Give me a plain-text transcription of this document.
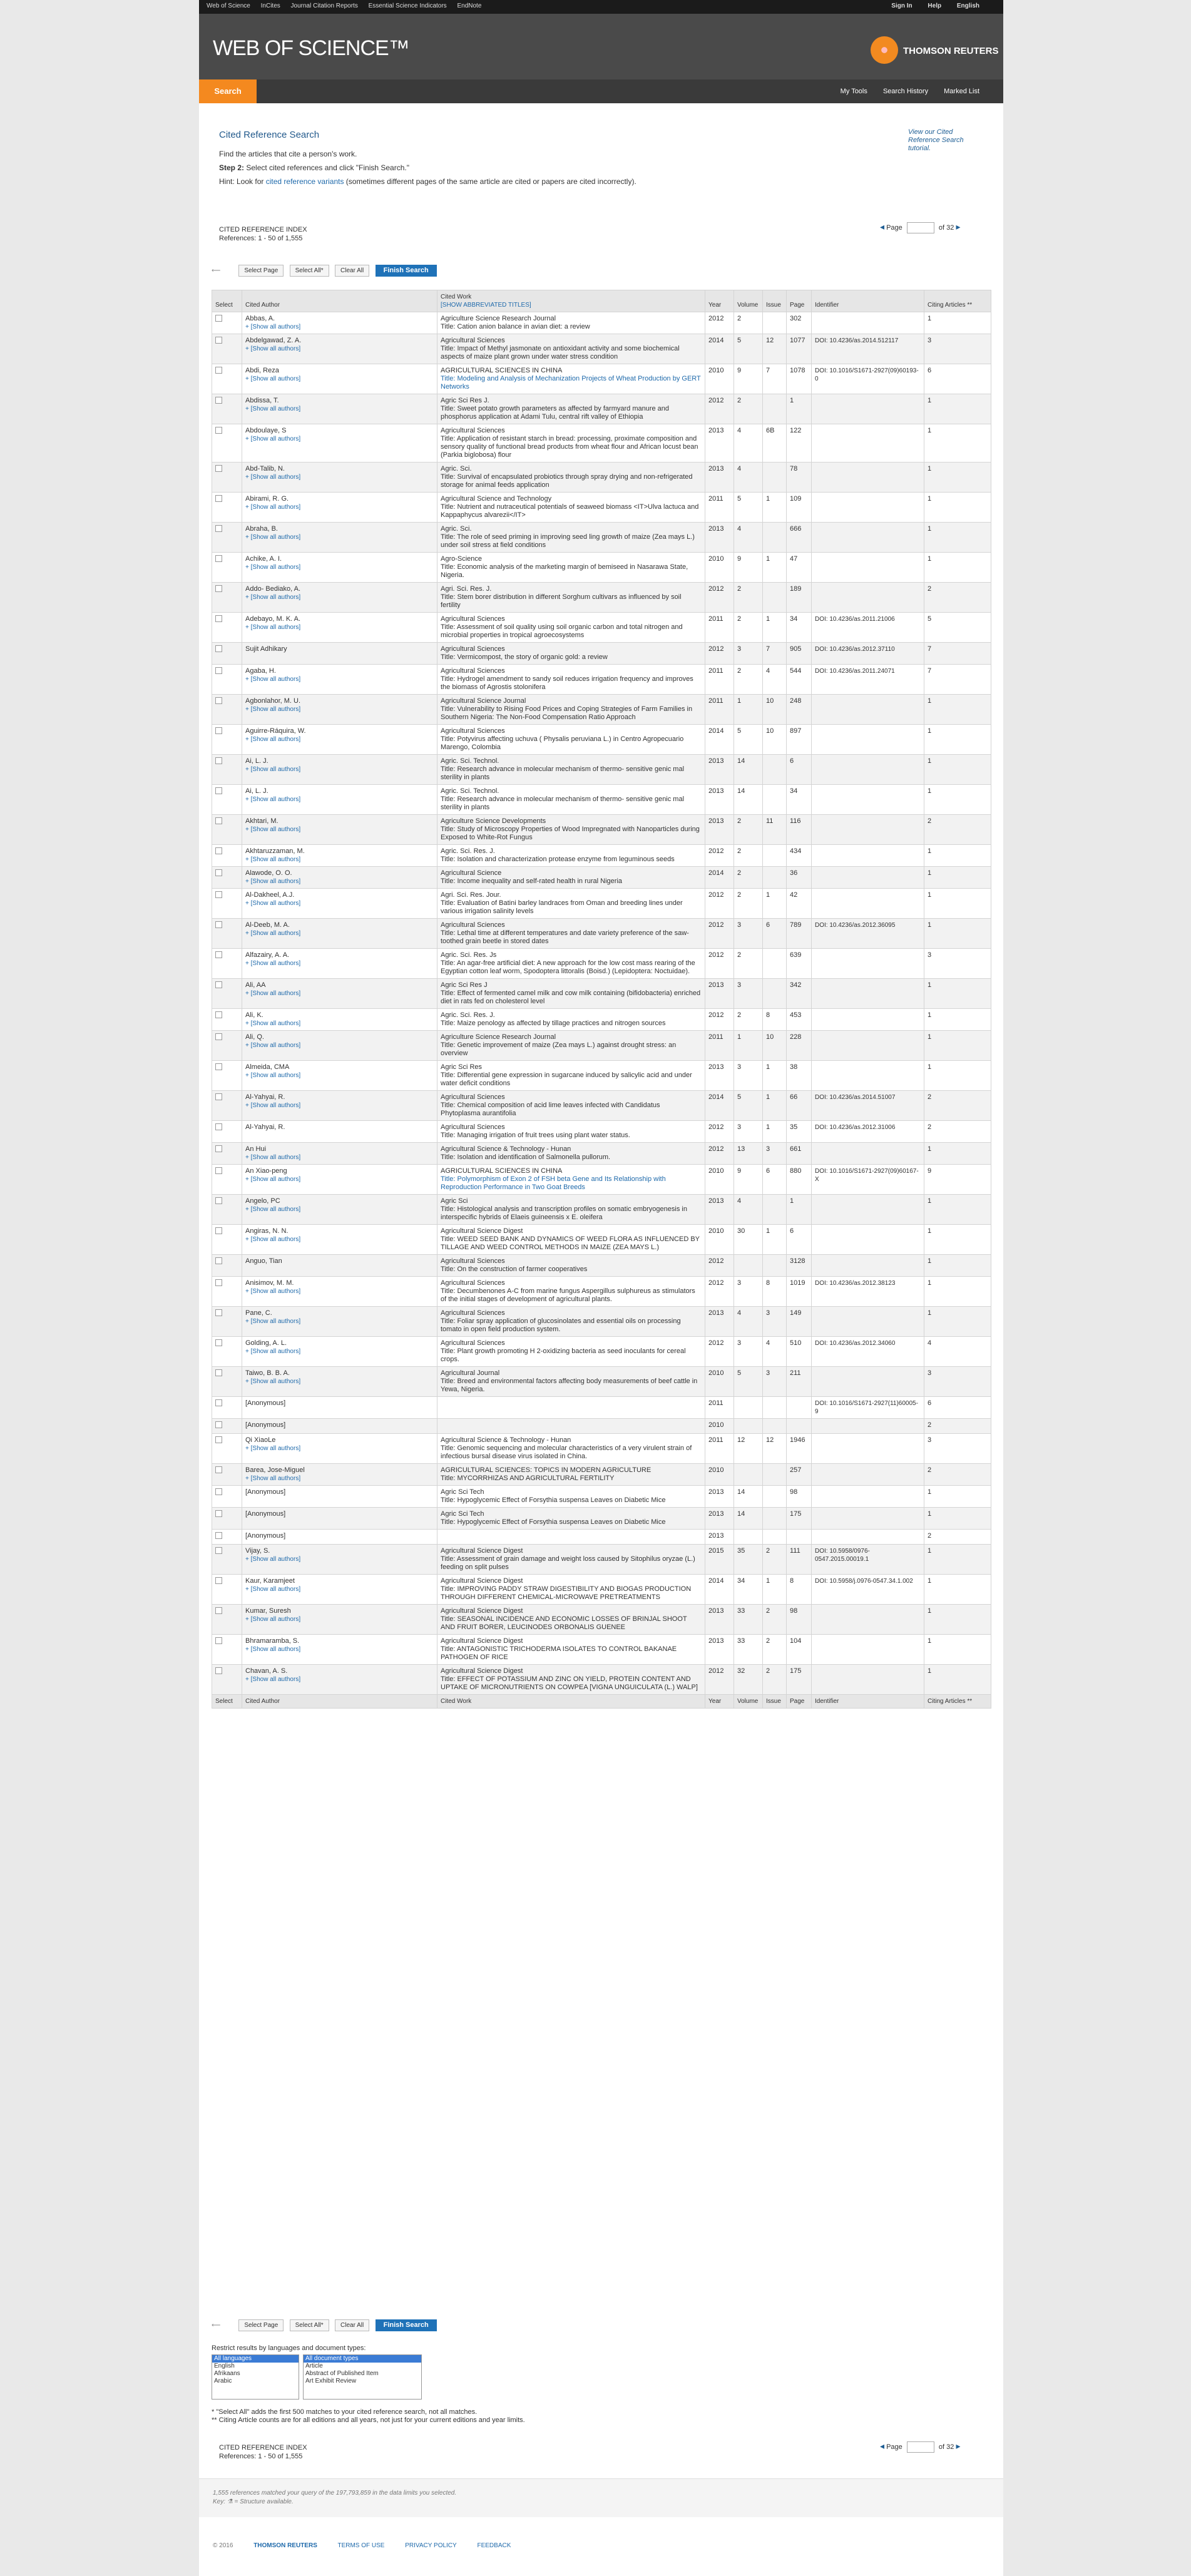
Web of Science InCites Journal Citation Reports Essential Science Indicators EndNote	Sign In Help English
WEB OF SCIENCE™	THOMSON REUTERS
Search	My Tools Search History Marked List
Cited Reference Search
Find the articles that cite a person's work.
Step 2: Select cited references and click "Finish Search."
Hint: Look for cited reference variants (sometimes different pages of the same article are cited or papers are cited incorrectly).
View our Cited Reference Search tutorial.
CITED REFERENCE INDEX
References: 1 - 50 of 1,555
◂ Page	of 32 ▸
⟵	Select Page	Select All*	Clear All	Finish Search
Select	Cited Author	Cited Work
[SHOW ABBREVIATED TITLES]	Year	Volume	Issue	Page	Identifier	Citing Articles **
	Abbas, A.
+ [Show all authors]	Agriculture Science Research Journal
Title: Cation anion balance in avian diet: a review	2012	2		302		1
	Abdelgawad, Z. A.
+ [Show all authors]	Agricultural Sciences
Title: Impact of Methyl jasmonate on antioxidant activity and some biochemical aspects of maize plant grown under water stress condition	2014	5	12	1077	DOI: 10.4236/as.2014.512117	3
	Abdi, Reza
+ [Show all authors]	AGRICULTURAL SCIENCES IN CHINA
Title: Modeling and Analysis of Mechanization Projects of Wheat Production by GERT Networks	2010	9	7	1078	DOI: 10.1016/S1671-2927(09)60193-0	6
	Abdissa, T.
+ [Show all authors]	Agric Sci Res J.
Title: Sweet potato growth parameters as affected by farmyard manure and phosphorus application at Adami Tulu, central rift valley of Ethiopia	2012	2		1		1
	Abdoulaye, S
+ [Show all authors]	Agricultural Sciences
Title: Application of resistant starch in bread: processing, proximate composition and sensory quality of functional bread products from wheat flour and African locust bean (Parkia biglobosa) flour	2013	4	6B	122		1
	Abd-Talib, N.
+ [Show all authors]	Agric. Sci.
Title: Survival of encapsulated probiotics through spray drying and non-refrigerated storage for animal feeds application	2013	4		78		1
	Abirami, R. G.
+ [Show all authors]	Agricultural Science and Technology
Title: Nutrient and nutraceutical potentials of seaweed biomass <IT>Ulva lactuca and Kappaphycus alvarezii</IT>	2011	5	1	109		1
	Abraha, B.
+ [Show all authors]	Agric. Sci.
Title: The role of seed priming in improving seed ling growth of maize (Zea mays L.) under soil stress at field conditions	2013	4		666		1
	Achike, A. I.
+ [Show all authors]	Agro-Science
Title: Economic analysis of the marketing margin of bemiseed in Nasarawa State, Nigeria.	2010	9	1	47		1
	Addo- Bediako, A.
+ [Show all authors]	Agri. Sci. Res. J.
Title: Stem borer distribution in different Sorghum cultivars as influenced by soil fertility	2012	2		189		2
	Adebayo, M. K. A.
+ [Show all authors]	Agricultural Sciences
Title: Assessment of soil quality using soil organic carbon and total nitrogen and microbial properties in tropical agroecosystems	2011	2	1	34	DOI: 10.4236/as.2011.21006	5
	Sujit Adhikary	Agricultural Sciences
Title: Vermicompost, the story of organic gold: a review	2012	3	7	905	DOI: 10.4236/as.2012.37110	7
	Agaba, H.
+ [Show all authors]	Agricultural Sciences
Title: Hydrogel amendment to sandy soil reduces irrigation frequency and improves the biomass of Agrostis stolonifera	2011	2	4	544	DOI: 10.4236/as.2011.24071	7
	Agbonlahor, M. U.
+ [Show all authors]	Agricultural Science Journal
Title: Vulnerability to Rising Food Prices and Coping Strategies of Farm Families in Southern Nigeria: The Non-Food Compensation Ratio Approach	2011	1	10	248		1
	Aguirre-Ráquira, W.
+ [Show all authors]	Agricultural Sciences
Title: Potyvirus affecting uchuva ( Physalis peruviana L.) in Centro Agropecuario Marengo, Colombia	2014	5	10	897		1
	Ai, L. J.
+ [Show all authors]	Agric. Sci. Technol.
Title: Research advance in molecular mechanism of thermo- sensitive genic mal sterility in plants	2013	14		6		1
	Ai, L. J.
+ [Show all authors]	Agric. Sci. Technol.
Title: Research advance in molecular mechanism of thermo- sensitive genic mal sterility in plants	2013	14		34		1
	Akhtari, M.
+ [Show all authors]	Agriculture Science Developments
Title: Study of Microscopy Properties of Wood Impregnated with Nanoparticles during Exposed to White-Rot Fungus	2013	2	11	116		2
	Akhtaruzzaman, M.
+ [Show all authors]	Agric. Sci. Res. J.
Title: Isolation and characterization protease enzyme from leguminous seeds	2012	2		434		1
	Alawode, O. O.
+ [Show all authors]	Agricultural Science
Title: Income inequality and self-rated health in rural Nigeria	2014	2		36		1
	Al-Dakheel, A.J.
+ [Show all authors]	Agri. Sci. Res. Jour.
Title: Evaluation of Batini barley landraces from Oman and breeding lines under various irrigation salinity levels	2012	2	1	42		1
	Al-Deeb, M. A.
+ [Show all authors]	Agricultural Sciences
Title: Lethal time at different temperatures and date variety preference of the saw-toothed grain beetle in stored dates	2012	3	6	789	DOI: 10.4236/as.2012.36095	1
	Alfazairy, A. A.
+ [Show all authors]	Agric. Sci. Res. Js
Title: An agar-free artificial diet: A new approach for the low cost mass rearing of the Egyptian cotton leaf worm, Spodoptera littoralis (Boisd.) (Lepidoptera: Noctuidae).	2012	2		639		3
	Ali, AA
+ [Show all authors]	Agric Sci Res J
Title: Effect of fermented camel milk and cow milk containing (bifidobacteria) enriched diet in rats fed on cholesterol level	2013	3		342		1
	Ali, K.
+ [Show all authors]	Agric. Sci. Res. J.
Title: Maize penology as affected by tillage practices and nitrogen sources	2012	2	8	453		1
	Ali, Q.
+ [Show all authors]	Agriculture Science Research Journal
Title: Genetic improvement of maize (Zea mays L.) against drought stress: an overview	2011	1	10	228		1
	Almeida, CMA
+ [Show all authors]	Agric Sci Res
Title: Differential gene expression in sugarcane induced by salicylic acid and under water deficit conditions	2013	3	1	38		1
	Al-Yahyai, R.
+ [Show all authors]	Agricultural Sciences
Title: Chemical composition of acid lime leaves infected with Candidatus Phytoplasma aurantifolia	2014	5	1	66	DOI: 10.4236/as.2014.51007	2
	Al-Yahyai, R.	Agricultural Sciences
Title: Managing irrigation of fruit trees using plant water status.	2012	3	1	35	DOI: 10.4236/as.2012.31006	2
	An Hui
+ [Show all authors]	Agricultural Science & Technology - Hunan
Title: Isolation and identification of Salmonella pullorum.	2012	13	3	661		1
	An Xiao-peng
+ [Show all authors]	AGRICULTURAL SCIENCES IN CHINA
Title: Polymorphism of Exon 2 of FSH beta Gene and Its Relationship with Reproduction Performance in Two Goat Breeds	2010	9	6	880	DOI: 10.1016/S1671-2927(09)60167-X	9
	Angelo, PC
+ [Show all authors]	Agric Sci
Title: Histological analysis and transcription profiles on somatic embryogenesis in interspecific hybrids of Elaeis guineensis x E. oleifera	2013	4		1		1
	Angiras, N. N.
+ [Show all authors]	Agricultural Science Digest
Title: WEED SEED BANK AND DYNAMICS OF WEED FLORA AS INFLUENCED BY TILLAGE AND WEED CONTROL METHODS IN MAIZE (ZEA MAYS L.)	2010	30	1	6		1
	Anguo, Tian	Agricultural Sciences
Title: On the construction of farmer cooperatives	2012			3128		1
	Anisimov, M. M.
+ [Show all authors]	Agricultural Sciences
Title: Decumbenones A-C from marine fungus Aspergillus sulphureus as stimulators of the initial stages of development of agricultural plants.	2012	3	8	1019	DOI: 10.4236/as.2012.38123	1
	Pane, C.
+ [Show all authors]	Agricultural Sciences
Title: Foliar spray application of glucosinolates and essential oils on processing tomato in open field production system.	2013	4	3	149		1
	Golding, A. L.
+ [Show all authors]	Agricultural Sciences
Title: Plant growth promoting H 2-oxidizing bacteria as seed inoculants for cereal crops.	2012	3	4	510	DOI: 10.4236/as.2012.34060	4
	Taiwo, B. B. A.
+ [Show all authors]	Agricultural Journal
Title: Breed and environmental factors affecting body measurements of beef cattle in Yewa, Nigeria.	2010	5	3	211		3
	[Anonymous]		2011				DOI: 10.1016/S1671-2927(11)60005-9	6
	[Anonymous]		2010					2
	Qi XiaoLe
+ [Show all authors]	Agricultural Science & Technology - Hunan
Title: Genomic sequencing and molecular characteristics of a very virulent strain of infectious bursal disease virus isolated in China.	2011	12	12	1946		3
	Barea, Jose-Miguel
+ [Show all authors]	AGRICULTURAL SCIENCES: TOPICS IN MODERN AGRICULTURE
Title: MYCORRHIZAS AND AGRICULTURAL FERTILITY	2010			257		2
	[Anonymous]	Agric Sci Tech
Title: Hypoglycemic Effect of Forsythia suspensa Leaves on Diabetic Mice	2013	14		98		1
	[Anonymous]	Agric Sci Tech
Title: Hypoglycemic Effect of Forsythia suspensa Leaves on Diabetic Mice	2013	14		175		1
	[Anonymous]		2013					2
	Vijay, S.
+ [Show all authors]	Agricultural Science Digest
Title: Assessment of grain damage and weight loss caused by Sitophilus oryzae (L.) feeding on split pulses	2015	35	2	111	DOI: 10.5958/0976-0547.2015.00019.1	1
	Kaur, Karamjeet
+ [Show all authors]	Agricultural Science Digest
Title: IMPROVING PADDY STRAW DIGESTIBILITY AND BIOGAS PRODUCTION THROUGH DIFFERENT CHEMICAL-MICROWAVE PRETREATMENTS	2014	34	1	8	DOI: 10.5958/j.0976-0547.34.1.002	1
	Kumar, Suresh
+ [Show all authors]	Agricultural Science Digest
Title: SEASONAL INCIDENCE AND ECONOMIC LOSSES OF BRINJAL SHOOT AND FRUIT BORER, LEUCINODES ORBONALIS GUENEE	2013	33	2	98		1
	Bhramaramba, S.
+ [Show all authors]	Agricultural Science Digest
Title: ANTAGONISTIC TRICHODERMA ISOLATES TO CONTROL BAKANAE PATHOGEN OF RICE	2013	33	2	104		1
	Chavan, A. S.
+ [Show all authors]	Agricultural Science Digest
Title: EFFECT OF POTASSIUM AND ZINC ON YIELD, PROTEIN CONTENT AND UPTAKE OF MICRONUTRIENTS ON COWPEA [VIGNA UNGUICULATA (L.) WALP]	2012	32	2	175		1
Select	Cited Author	Cited Work	Year	Volume	Issue	Page	Identifier	Citing Articles **
⟵	Select Page	Select All*	Clear All	Finish Search
Restrict results by languages and document types:
All languages
English
Afrikaans
Arabic
All document types
Article
Abstract of Published Item
Art Exhibit Review
* "Select All" adds the first 500 matches to your cited reference search, not all matches.
** Citing Article counts are for all editions and all years, not just for your current editions and year limits.
CITED REFERENCE INDEX
References: 1 - 50 of 1,555
◂ Page	of 32 ▸
1,555 references matched your query of the 197,793,859 in the data limits you selected.
Key: ⚗ = Structure available.
© 2016	THOMSON REUTERS	TERMS OF USE	PRIVACY POLICY	FEEDBACK
